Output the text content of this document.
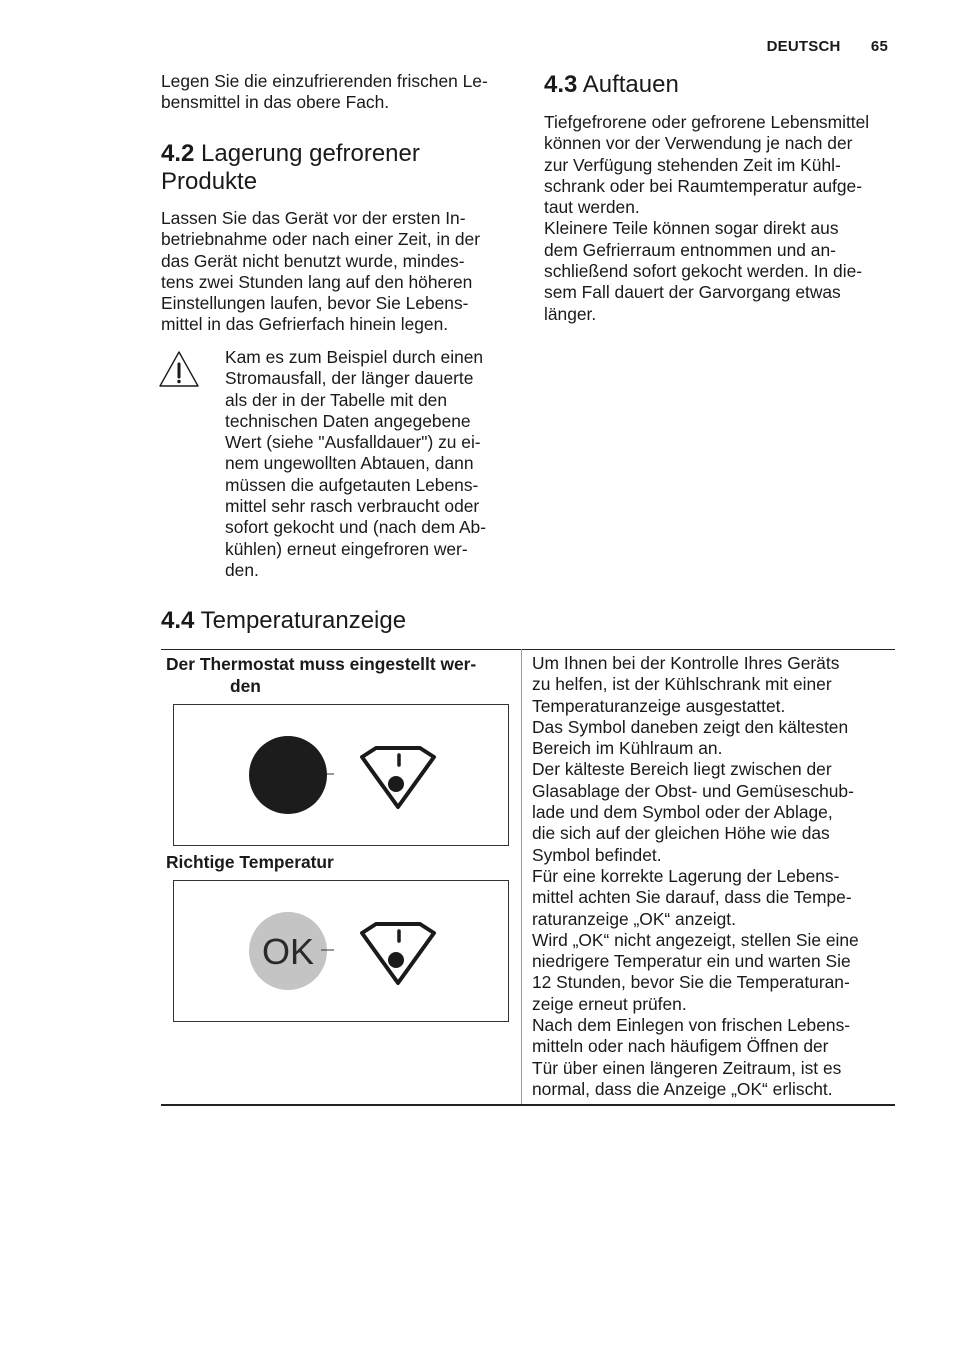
DEUTSCH 65
Legen Sie die einzufrierenden frischen Le-
bensmittel in das obere Fach.
4.2 Lagerung gefrorener
Produkte
Lassen Sie das Gerät vor der ersten In-
betriebnahme oder nach einer Zeit, in der
das Gerät nicht benutzt wurde, mindes-
tens zwei Stunden lang auf den höheren
Einstellungen laufen, bevor Sie Lebens-
mittel in das Gefrierfach hinein legen.
Kam es zum Beispiel durch einen
Stromausfall, der länger dauerte
als der in der Tabelle mit den
technischen Daten angegebene
Wert (siehe "Ausfalldauer") zu ei-
nem ungewollten Abtauen, dann
müssen die aufgetauten Lebens-
mittel sehr rasch verbraucht oder
sofort gekocht und (nach dem Ab-
kühlen) erneut eingefroren wer-
den.
4.3 Auftauen
Tiefgefrorene oder gefrorene Lebensmittel
können vor der Verwendung je nach der
zur Verfügung stehenden Zeit im Kühl-
schrank oder bei Raumtemperatur aufge-
taut werden.
Kleinere Teile können sogar direkt aus
dem Gefrierraum entnommen und an-
schließend sofort gekocht werden. In die-
sem Fall dauert der Garvorgang etwas
länger.
4.4 Temperaturanzeige
Der Thermostat muss eingestellt wer-
den
Richtige Temperatur
OK
Um Ihnen bei der Kontrolle Ihres Geräts
zu helfen, ist der Kühlschrank mit einer
Temperaturanzeige ausgestattet.
Das Symbol daneben zeigt den kältesten
Bereich im Kühlraum an.
Der kälteste Bereich liegt zwischen der
Glasablage der Obst- und Gemüseschub-
lade und dem Symbol oder der Ablage,
die sich auf der gleichen Höhe wie das
Symbol befindet.
Für eine korrekte Lagerung der Lebens-
mittel achten Sie darauf, dass die Tempe-
raturanzeige „OK“ anzeigt.
Wird „OK“ nicht angezeigt, stellen Sie eine
niedrigere Temperatur ein und warten Sie
12 Stunden, bevor Sie die Temperaturan-
zeige erneut prüfen.
Nach dem Einlegen von frischen Lebens-
mitteln oder nach häufigem Öffnen der
Tür über einen längeren Zeitraum, ist es
normal, dass die Anzeige „OK“ erlischt.
